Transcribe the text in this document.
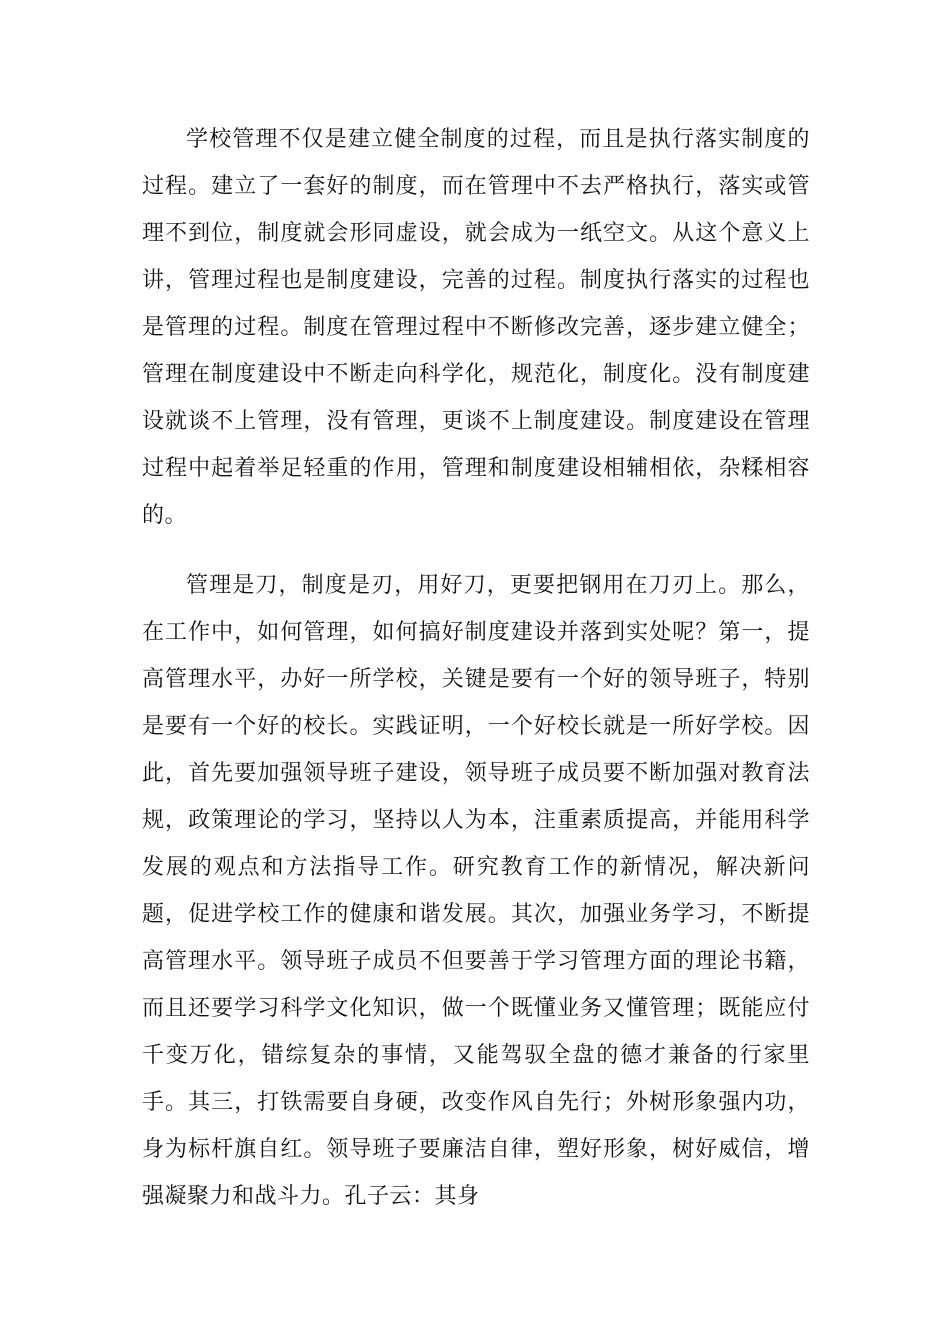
学校管理不仅是建立健全制度的过程，而且是执行落实制度的过程。建立了一套好的制度，而在管理中不去严格执行，落实或管理不到位，制度就会形同虚设，就会成为一纸空文。从这个意义上讲，管理过程也是制度建设，完善的过程。制度执行落实的过程也是管理的过程。制度在管理过程中不断修改完善，逐步建立健全；管理在制度建设中不断走向科学化，规范化，制度化。没有制度建设就谈不上管理，没有管理，更谈不上制度建设。制度建设在管理过程中起着举足轻重的作用，管理和制度建设相辅相依，杂糅相容的。

管理是刀，制度是刃，用好刀，更要把钢用在刀刃上。那么，在工作中，如何管理，如何搞好制度建设并落到实处呢？第一，提高管理水平，办好一所学校，关键是要有一个好的领导班子，特别是要有一个好的校长。实践证明，一个好校长就是一所好学校。因此，首先要加强领导班子建设，领导班子成员要不断加强对教育法规，政策理论的学习，坚持以人为本，注重素质提高，并能用科学发展的观点和方法指导工作。研究教育工作的新情况，解决新问题，促进学校工作的健康和谐发展。其次，加强业务学习，不断提高管理水平。领导班子成员不但要善于学习管理方面的理论书籍，而且还要学习科学文化知识，做一个既懂业务又懂管理；既能应付千变万化，错综复杂的事情，又能驾驭全盘的德才兼备的行家里手。其三，打铁需要自身硬，改变作风自先行；外树形象强内功，身为标杆旗自红。领导班子要廉洁自律，塑好形象，树好威信，增强凝聚力和战斗力。孔子云：其身
